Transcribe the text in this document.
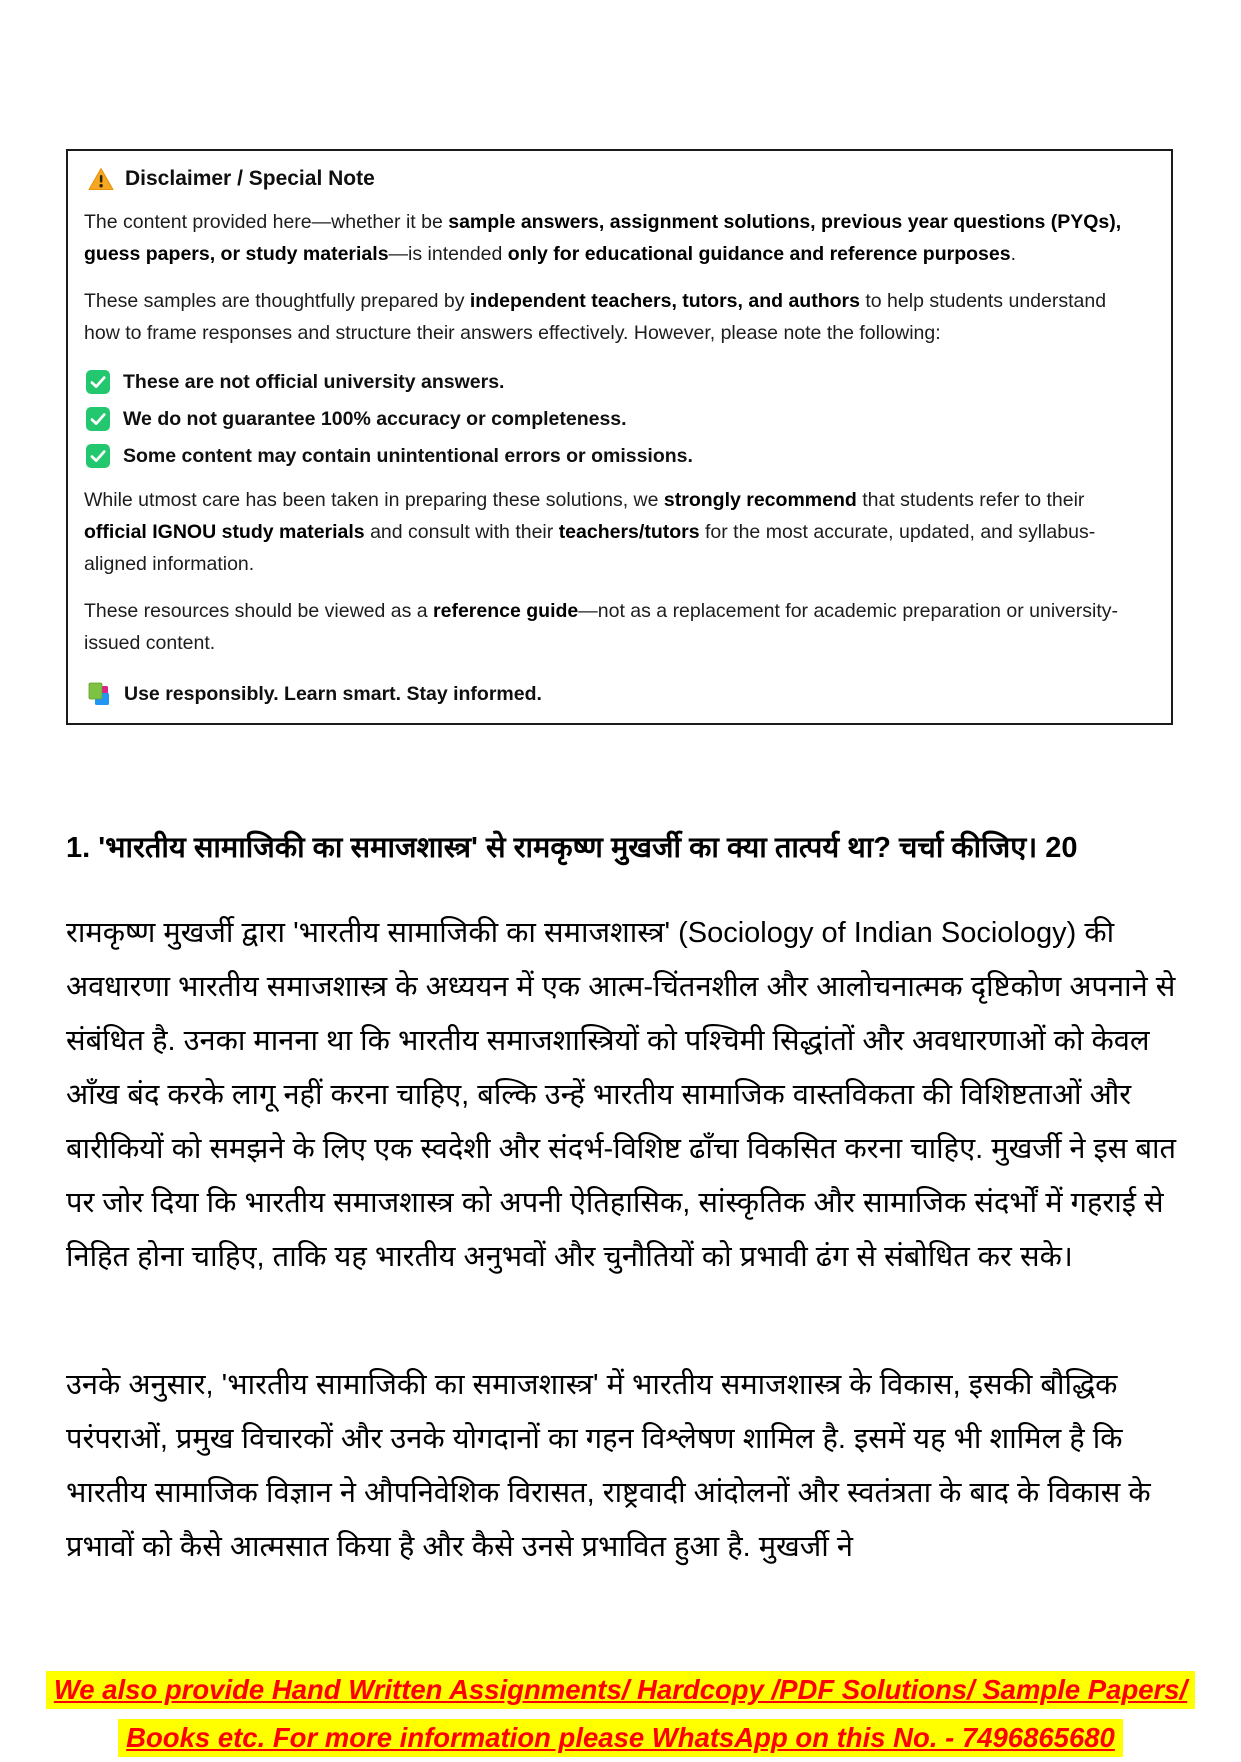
Disclaimer / Special Note

The content provided here—whether it be sample answers, assignment solutions, previous year questions (PYQs), guess papers, or study materials—is intended only for educational guidance and reference purposes.

These samples are thoughtfully prepared by independent teachers, tutors, and authors to help students understand how to frame responses and structure their answers effectively. However, please note the following:

These are not official university answers.
We do not guarantee 100% accuracy or completeness.
Some content may contain unintentional errors or omissions.

While utmost care has been taken in preparing these solutions, we strongly recommend that students refer to their official IGNOU study materials and consult with their teachers/tutors for the most accurate, updated, and syllabus-aligned information.

These resources should be viewed as a reference guide—not as a replacement for academic preparation or university-issued content.

Use responsibly. Learn smart. Stay informed.
1. 'भारतीय सामाजिकी का समाजशास्त्र' से रामकृष्ण मुखर्जी का क्या तात्पर्य था? चर्चा कीजिए। 20
रामकृष्ण मुखर्जी द्वारा 'भारतीय सामाजिकी का समाजशास्त्र' (Sociology of Indian Sociology) की अवधारणा भारतीय समाजशास्त्र के अध्ययन में एक आत्म-चिंतनशील और आलोचनात्मक दृष्टिकोण अपनाने से संबंधित है. उनका मानना था कि भारतीय समाजशास्त्रियों को पश्चिमी सिद्धांतों और अवधारणाओं को केवल आँख बंद करके लागू नहीं करना चाहिए, बल्कि उन्हें भारतीय सामाजिक वास्तविकता की विशिष्टताओं और बारीकियों को समझने के लिए एक स्वदेशी और संदर्भ-विशिष्ट ढाँचा विकसित करना चाहिए. मुखर्जी ने इस बात पर जोर दिया कि भारतीय समाजशास्त्र को अपनी ऐतिहासिक, सांस्कृतिक और सामाजिक संदर्भों में गहराई से निहित होना चाहिए, ताकि यह भारतीय अनुभवों और चुनौतियों को प्रभावी ढंग से संबोधित कर सके।
उनके अनुसार, 'भारतीय सामाजिकी का समाजशास्त्र' में भारतीय समाजशास्त्र के विकास, इसकी बौद्धिक परंपराओं, प्रमुख विचारकों और उनके योगदानों का गहन विश्लेषण शामिल है. इसमें यह भी शामिल है कि भारतीय सामाजिक विज्ञान ने औपनिवेशिक विरासत, राष्ट्रवादी आंदोलनों और स्वतंत्रता के बाद के विकास के प्रभावों को कैसे आत्मसात किया है और कैसे उनसे प्रभावित हुआ है. मुखर्जी ने
We also provide Hand Written Assignments/ Hardcopy /PDF Solutions/ Sample Papers/
Books etc. For more information please WhatsApp on this No. - 7496865680
